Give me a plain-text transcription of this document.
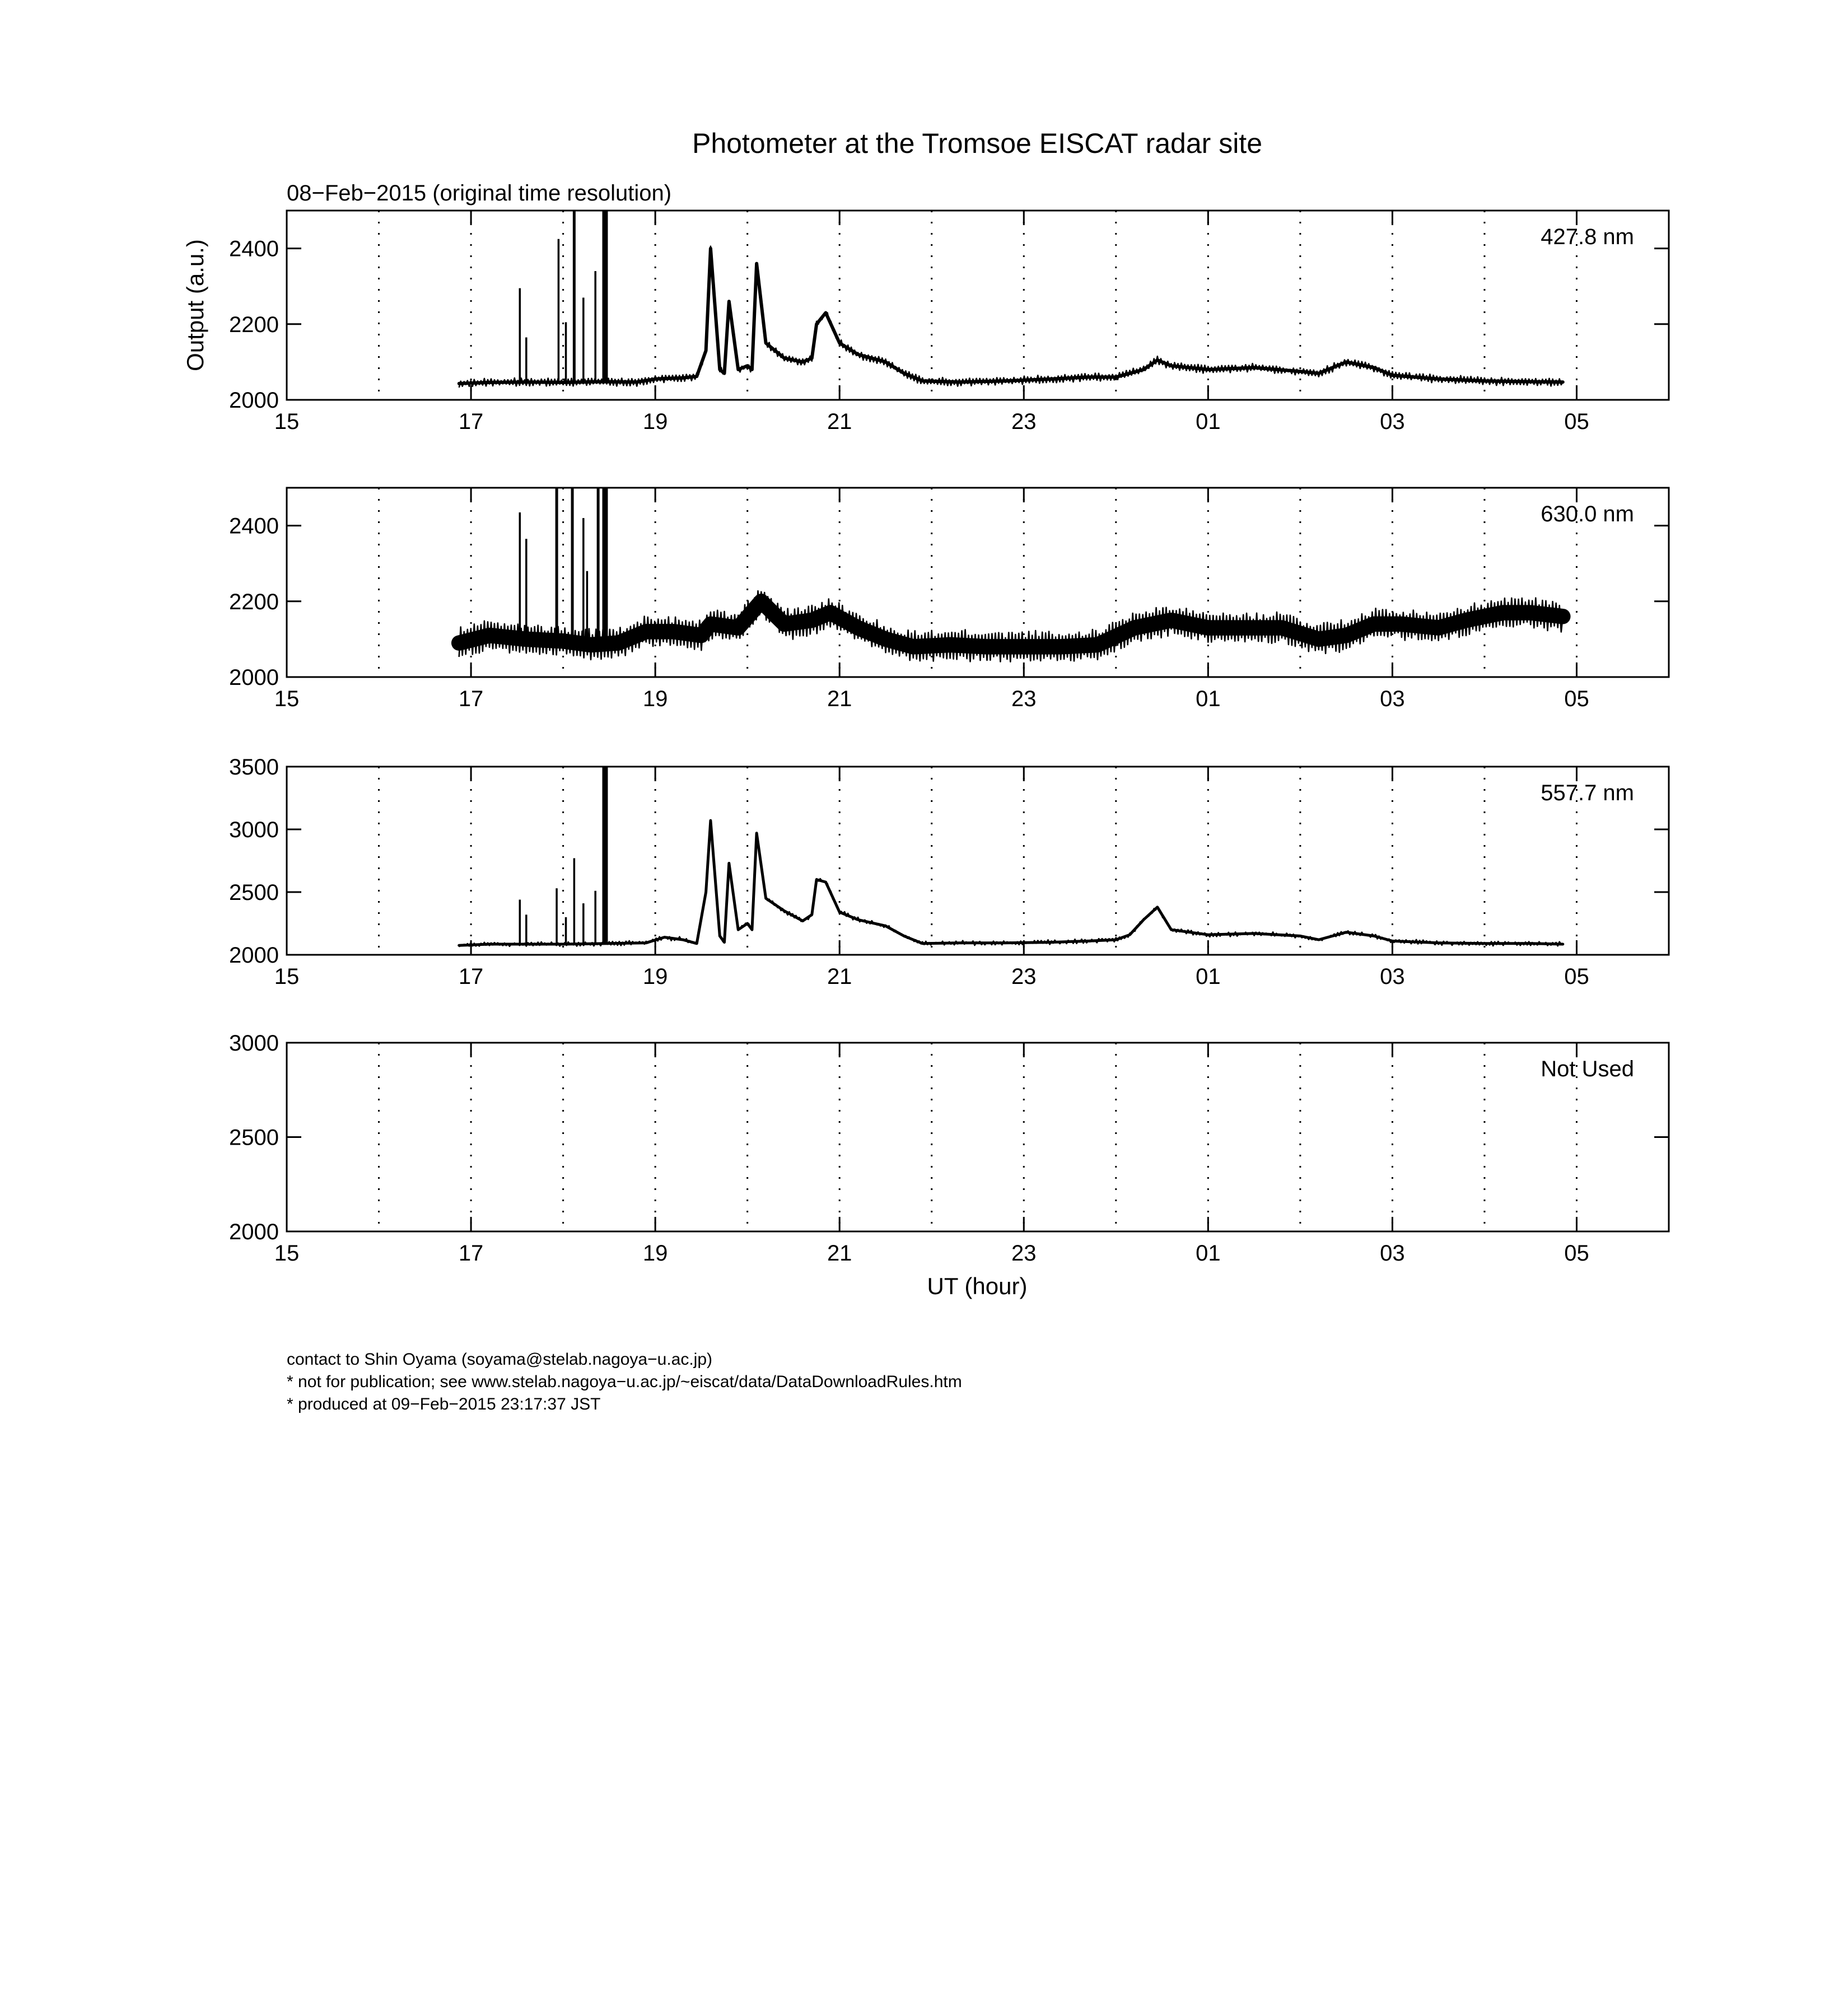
Photometer at the Tromsoe EISCAT radar site
08−Feb−2015 (original time resolution)
Output (a.u.)
UT (hour)
2000
2200
2400
15	17	19	21	23	01	03	05
427.8 nm
2000
2200
2400
15	17	19	21	23	01	03	05
630.0 nm
2000
2500
3000
3500
15	17	19	21	23	01	03	05
557.7 nm
2000
2500
3000
15	17	19	21	23	01	03	05
Not Used
contact to Shin Oyama (soyama@stelab.nagoya−u.ac.jp)
* not for publication; see www.stelab.nagoya−u.ac.jp/~eiscat/data/DataDownloadRules.htm
* produced at 09−Feb−2015 23:17:37 JST
